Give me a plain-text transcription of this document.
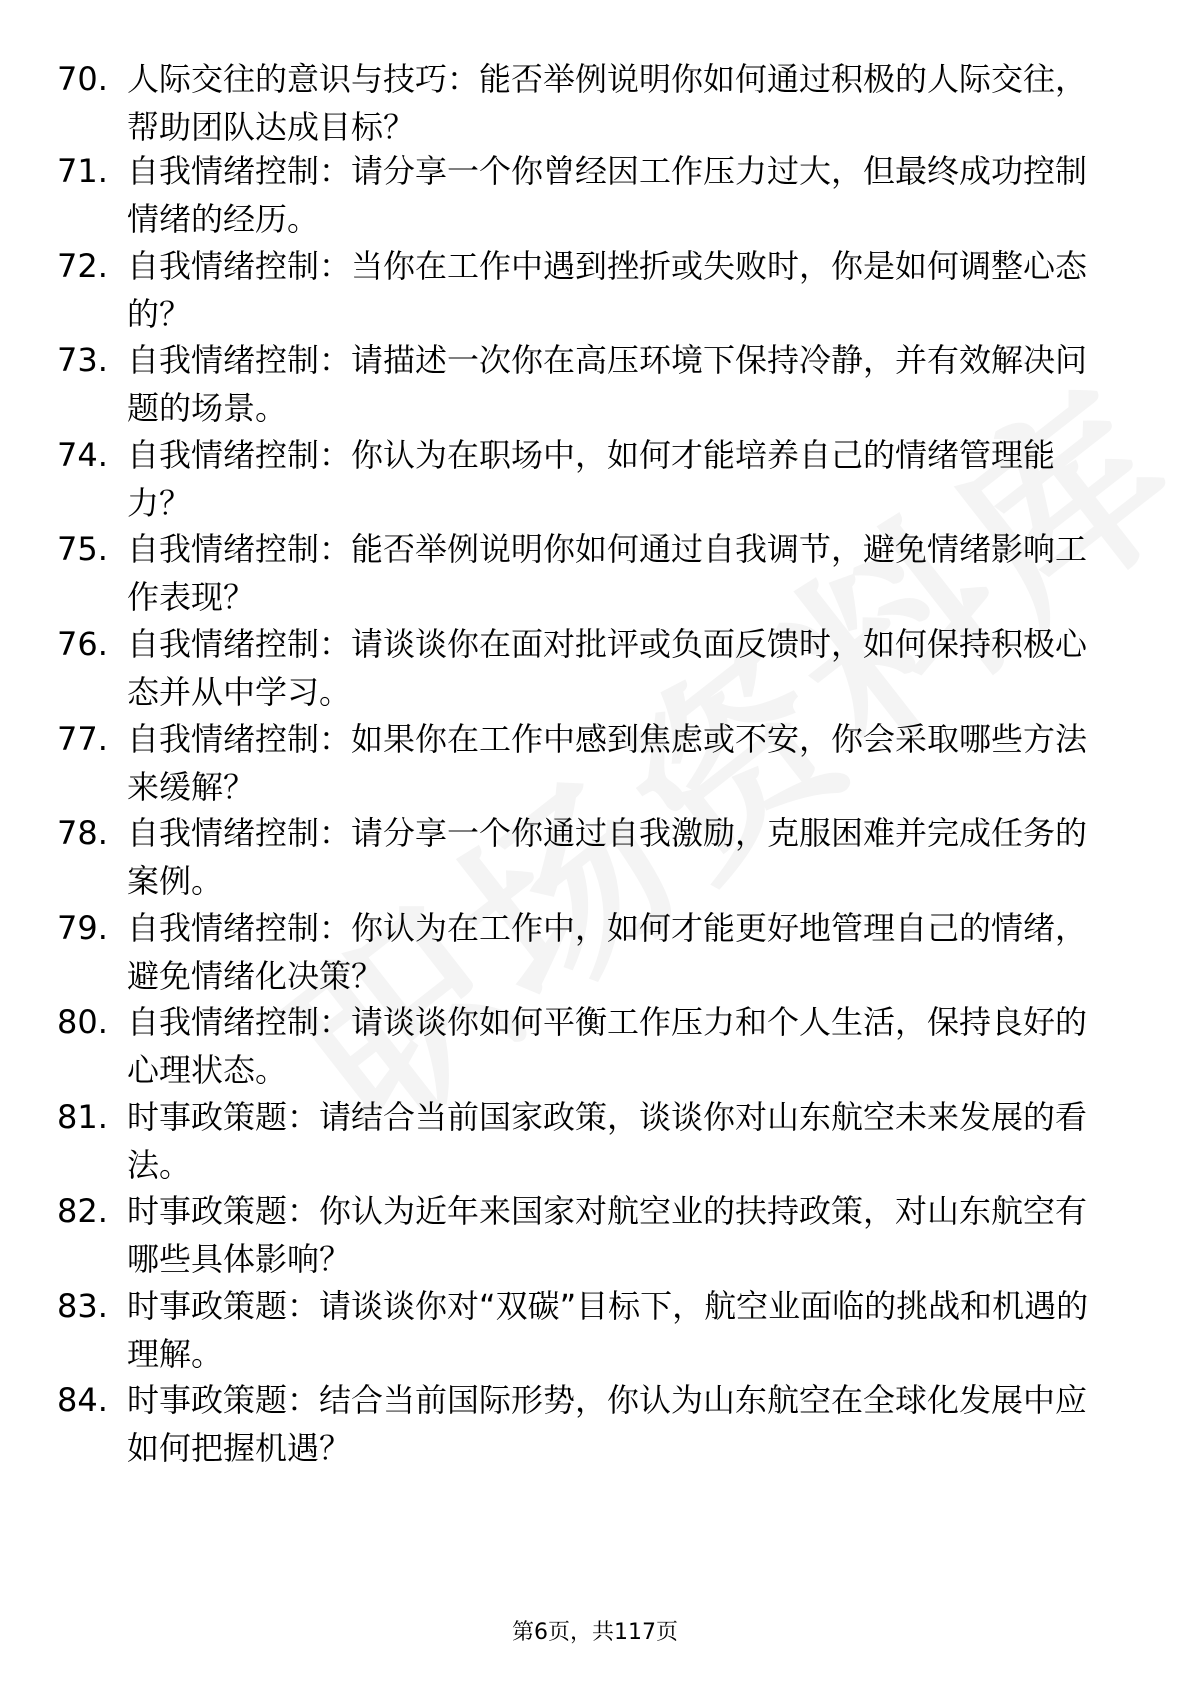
70. 人际交往的意识与技巧：能否举例说明你如何通过积极的人际交往，帮助团队达成目标？
71. 自我情绪控制：请分享一个你曾经因工作压力过大，但最终成功控制情绪的经历。
72. 自我情绪控制：当你在工作中遇到挫折或失败时，你是如何调整心态的？
73. 自我情绪控制：请描述一次你在高压环境下保持冷静，并有效解决问题的场景。
74. 自我情绪控制：你认为在职场中，如何才能培养自己的情绪管理能力？
75. 自我情绪控制：能否举例说明你如何通过自我调节，避免情绪影响工作表现？
76. 自我情绪控制：请谈谈你在面对批评或负面反馈时，如何保持积极心态并从中学习。
77. 自我情绪控制：如果你在工作中感到焦虑或不安，你会采取哪些方法来缓解？
78. 自我情绪控制：请分享一个你通过自我激励，克服困难并完成任务的案例。
79. 自我情绪控制：你认为在工作中，如何才能更好地管理自己的情绪，避免情绪化决策？
80. 自我情绪控制：请谈谈你如何平衡工作压力和个人生活，保持良好的心理状态。
81. 时事政策题：请结合当前国家政策，谈谈你对山东航空未来发展的看法。
82. 时事政策题：你认为近年来国家对航空业的扶持政策，对山东航空有哪些具体影响？
83. 时事政策题：请谈谈你对“双碳”目标下，航空业面临的挑战和机遇的理解。
84. 时事政策题：结合当前国际形势，你认为山东航空在全球化发展中应如何把握机遇？
第6页，共117页
